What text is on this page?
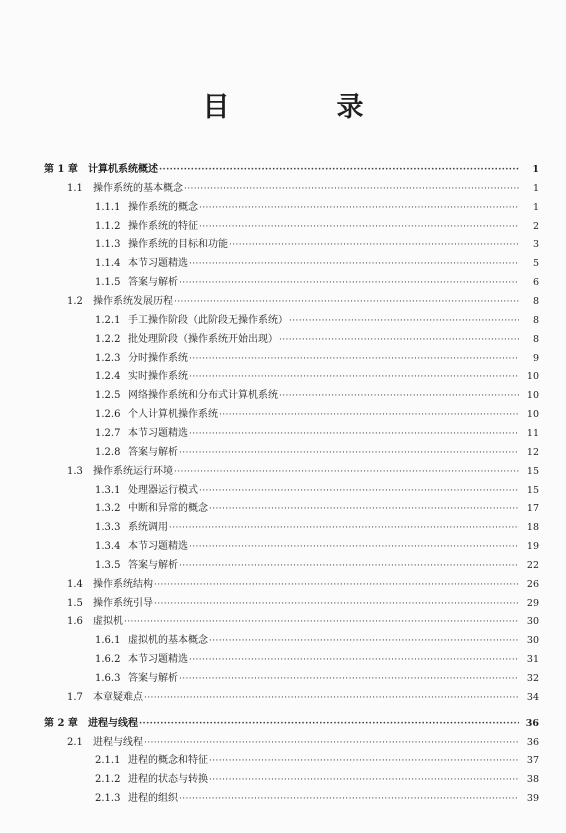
目　录
第 1 章	计算机系统概述 ·····	1
1.1	操作系统的基本概念 ·····	1
1.1.1 操作系统的概念 ·····	1
1.1.2 操作系统的特征 ·····	2
1.1.3 操作系统的目标和功能 ·····	3
1.1.4 本节习题精选 ·····	5
1.1.5 答案与解析 ·····	6
1.2	操作系统发展历程 ·····	8
1.2.1 手工操作阶段（此阶段无操作系统） ·····	8
1.2.2 批处理阶段（操作系统开始出现） ·····	8
1.2.3 分时操作系统 ·····	9
1.2.4 实时操作系统 ·····	10
1.2.5 网络操作系统和分布式计算机系统 ·····	10
1.2.6 个人计算机操作系统 ·····	10
1.2.7 本节习题精选 ·····	11
1.2.8 答案与解析 ·····	12
1.3	操作系统运行环境 ·····	15
1.3.1 处理器运行模式 ·····	15
1.3.2 中断和异常的概念 ·····	17
1.3.3 系统调用 ·····	18
1.3.4 本节习题精选 ·····	19
1.3.5 答案与解析 ·····	22
1.4	操作系统结构 ·····	26
1.5	操作系统引导 ·····	29
1.6	虚拟机 ·····	30
1.6.1 虚拟机的基本概念 ·····	30
1.6.2 本节习题精选 ·····	31
1.6.3 答案与解析 ·····	32
1.7	本章疑难点 ·····	34
第 2 章	进程与线程 ·····	36
2.1	进程与线程 ·····	36
2.1.1 进程的概念和特征 ·····	37
2.1.2 进程的状态与转换 ·····	38
2.1.3 进程的组织 ·····	39
